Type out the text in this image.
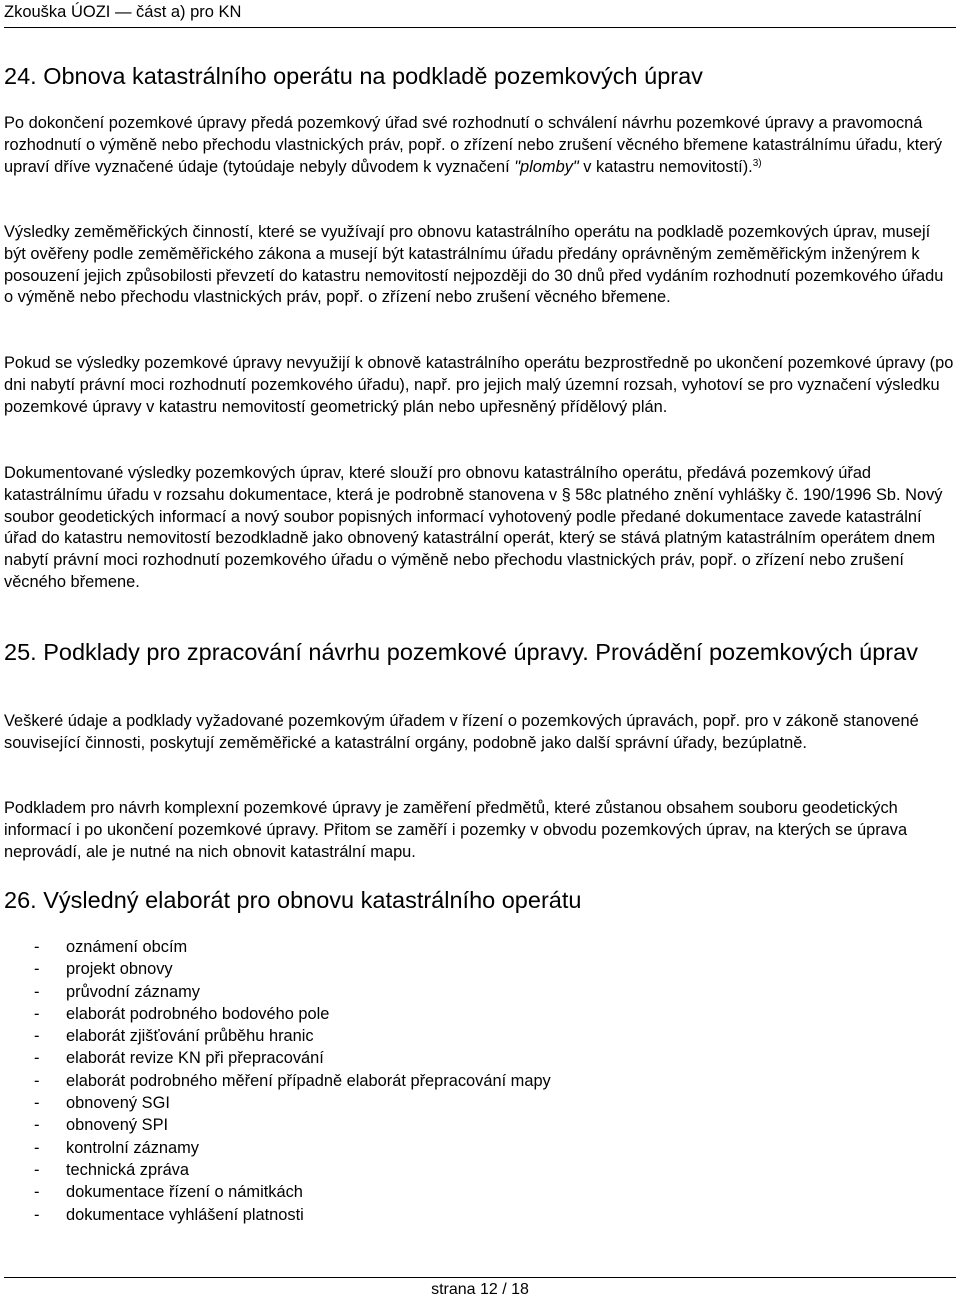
Zkouška ÚOZI — část a) pro KN
24. Obnova katastrálního operátu na podkladě pozemkových úprav

Po dokončení pozemkové úpravy předá pozemkový úřad své rozhodnutí o schválení návrhu pozemkové úpravy a pravomocná rozhodnutí o výměně nebo přechodu vlastnických práv, popř. o zřízení nebo zrušení věcného břemene katastrálnímu úřadu, který upraví dříve vyznačené údaje (tytoúdaje nebyly důvodem k vyznačení "plomby" v katastru nemovitostí).$^{3)}$

Výsledky zeměměřických činností, které se využívají pro obnovu katastrálního operátu na podkladě pozemkových úprav, musejí být ověřeny podle zeměměřického zákona a musejí být katastrálnímu úřadu předány oprávněným zeměměřickým inženýrem k posouzení jejich způsobilosti převzetí do katastru nemovitostí nejpozději do 30 dnů před vydáním rozhodnutí pozemkového úřadu o výměně nebo přechodu vlastnických práv, popř. o zřízení nebo zrušení věcného břemene.

Pokud se výsledky pozemkové úpravy nevyužijí k obnově katastrálního operátu bezprostředně po ukončení pozemkové úpravy (po dni nabytí právní moci rozhodnutí pozemkového úřadu), např. pro jejich malý územní rozsah, vyhotoví se pro vyznačení výsledku pozemkové úpravy v katastru nemovitostí geometrický plán nebo upřesněný přídělový plán.

Dokumentované výsledky pozemkových úprav, které slouží pro obnovu katastrálního operátu, předává pozemkový úřad katastrálnímu úřadu v rozsahu dokumentace, která je podrobně stanovena v § 58c platného znění vyhlášky č. 190/1996 Sb. Nový soubor geodetických informací a nový soubor popisných informací vyhotovený podle předané dokumentace zavede katastrální úřad do katastru nemovitostí bezodkladně jako obnovený katastrální operát, který se stává platným katastrálním operátem dnem nabytí právní moci rozhodnutí pozemkového úřadu o výměně nebo přechodu vlastnických práv, popř. o zřízení nebo zrušení věcného břemene.

25. Podklady pro zpracování návrhu pozemkové úpravy. Provádění pozemkových úprav

Veškeré údaje a podklady vyžadované pozemkovým úřadem v řízení o pozemkových úpravách, popř. pro v zákoně stanovené související činnosti, poskytují zeměměřické a katastrální orgány, podobně jako další správní úřady, bezúplatně.

Podkladem pro návrh komplexní pozemkové úpravy je zaměření předmětů, které zůstanou obsahem souboru geodetických informací i po ukončení pozemkové úpravy. Přitom se zaměří i pozemky v obvodu pozemkových úprav, na kterých se úprava neprovádí, ale je nutné na nich obnovit katastrální mapu.

26. Výsledný elaborát pro obnovu katastrálního operátu
-	oznámení obcím
-	projekt obnovy
-	průvodní záznamy
-	elaborát podrobného bodového pole
-	elaborát zjišťování průběhu hranic
-	elaborát revize KN při přepracování
-	elaborát podrobného měření případně elaborát přepracování mapy
-	obnovený SGI
-	obnovený SPI
-	kontrolní záznamy
-	technická zpráva
-	dokumentace řízení o námitkách
-	dokumentace vyhlášení platnosti
strana 12 / 18
